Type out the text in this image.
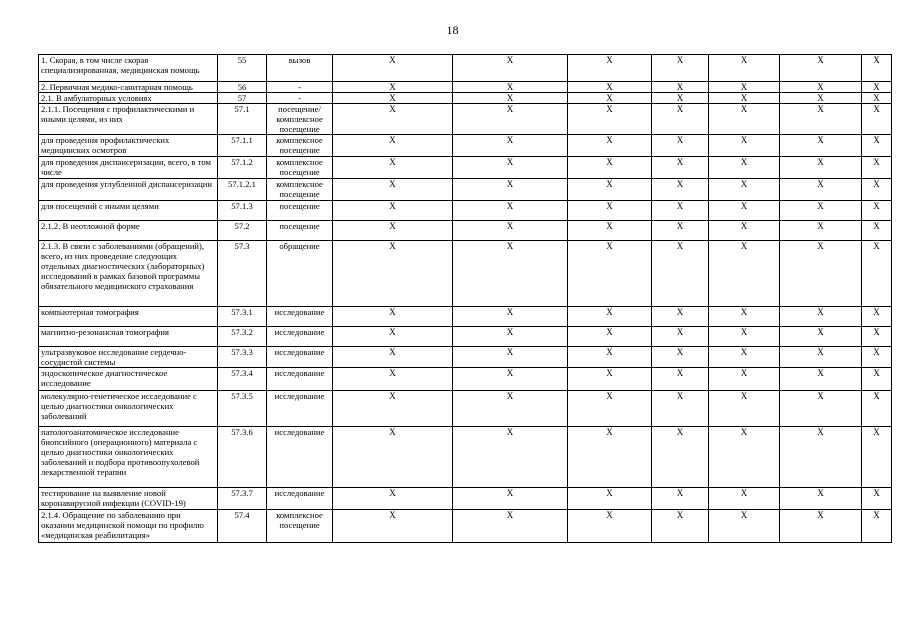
18
1. Скорая, в том числе скорая специализированная, медицинская помощь	55	вызов	X	X	X	X	X	X	X
2. Первичная медико-санитарная помощь	56	-	X	X	X	X	X	X	X
2.1. В амбулаторных условиях	57	-	X	X	X	X	X	X	X
2.1.1. Посещения с профилактическими и иными целями, из них	57.1	посещение/ комплексное посещение	X	X	X	X	X	X	X
для проведения профилактических медицинских осмотров	57.1.1	комплексное посещение	X	X	X	X	X	X	X
для проведения диспансеризации, всего, в том числе	57.1.2	комплексное посещение	X	X	X	X	X	X	X
для проведения углубленной диспансеризации	57.1.2.1	комплексное посещение	X	X	X	X	X	X	X
для посещений с иными целями	57.1.3	посещение	X	X	X	X	X	X	X
2.1.2. В неотложной форме	57.2	посещение	X	X	X	X	X	X	X
2.1.3. В связи с заболеваниями (обращений), всего, из них проведение следующих отдельных диагностических (лабораторных) исследований в рамках базовой программы обязательного медицинского страхования	57.3	обращение	X	X	X	X	X	X	X
компьютерная томография	57.3.1	исследование	X	X	X	X	X	X	X
магнитно-резонансная томография	57.3.2	исследование	X	X	X	X	X	X	X
ультразвуковое исследование сердечно-сосудистой системы	57.3.3	исследование	X	X	X	X	X	X	X
эндоскопическое диагностическое исследование	57.3.4	исследование	X	X	X	X	X	X	X
молекулярно-генетическое исследование с целью диагностики онкологических заболеваний	57.3.5	исследование	X	X	X	X	X	X	X
патологоанатомическое исследование биопсийного (операционного) материала с целью диагностики онкологических заболеваний и подбора противоопухолевой лекарственной терапии	57.3.6	исследование	X	X	X	X	X	X	X
тестирование на выявление новой коронавирусной инфекции (COVID-19)	57.3.7	исследование	X	X	X	X	X	X	X
2.1.4. Обращение по заболеванию при оказании медицинской помощи по профилю «медицинская реабилитация»	57.4	комплексное посещение	X	X	X	X	X	X	X
